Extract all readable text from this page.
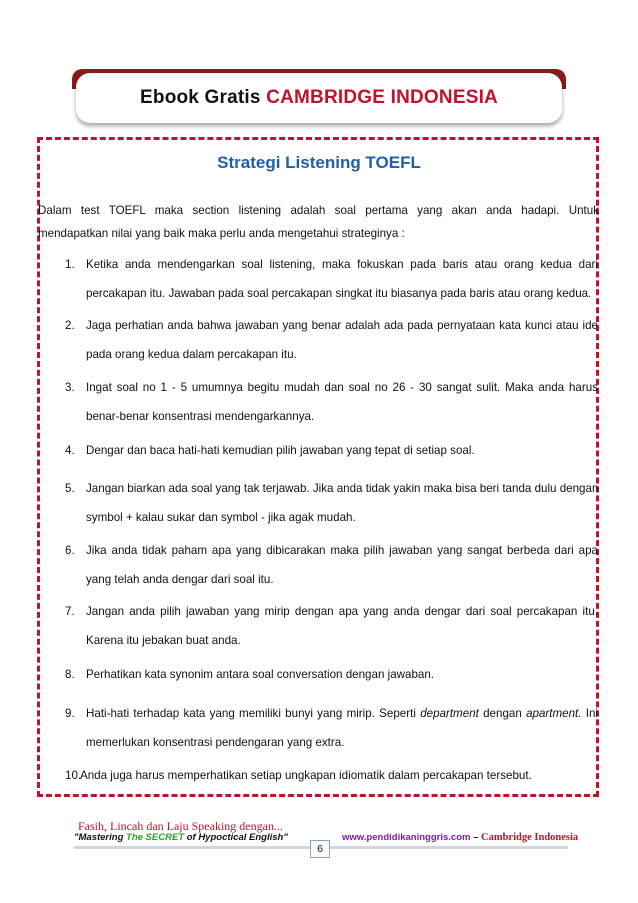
Ebook Gratis CAMBRIDGE INDONESIA
Strategi Listening TOEFL
Dalam test TOEFL maka section listening adalah soal pertama yang akan anda hadapi. Untuk
mendapatkan nilai yang baik maka perlu anda mengetahui strateginya :
1. Ketika anda mendengarkan soal listening, maka fokuskan pada baris atau orang kedua dari
percakapan itu. Jawaban pada soal percakapan singkat itu biasanya pada baris atau orang kedua.
2. Jaga perhatian anda bahwa jawaban yang benar adalah ada pada pernyataan kata kunci atau ide
pada orang kedua dalam percakapan itu.
3. Ingat soal no 1 - 5 umumnya begitu mudah dan soal no 26 - 30 sangat sulit. Maka anda harus
benar-benar konsentrasi mendengarkannya.
4. Dengar dan baca hati-hati kemudian pilih jawaban yang tepat di setiap soal.
5. Jangan biarkan ada soal yang tak terjawab. Jika anda tidak yakin maka bisa beri tanda dulu dengan
symbol + kalau sukar dan symbol - jika agak mudah.
6. Jika anda tidak paham apa yang dibicarakan maka pilih jawaban yang sangat berbeda dari apa
yang telah anda dengar dari soal itu.
7. Jangan anda pilih jawaban yang mirip dengan apa yang anda dengar dari soal percakapan itu.
Karena itu jebakan buat anda.
8. Perhatikan kata synonim antara soal conversation dengan jawaban.
9. Hati-hati terhadap kata yang memiliki bunyi yang mirip. Seperti department dengan apartment. Ini
memerlukan konsentrasi pendengaran yang extra.
10.
Anda juga harus memperhatikan setiap ungkapan idiomatik dalam percakapan tersebut.
Fasih, Lincah dan Laju Speaking dengan...
"Mastering The SECRET of Hypoctical English"	www.pendidikaninggris.com – Cambridge Indonesia
6
